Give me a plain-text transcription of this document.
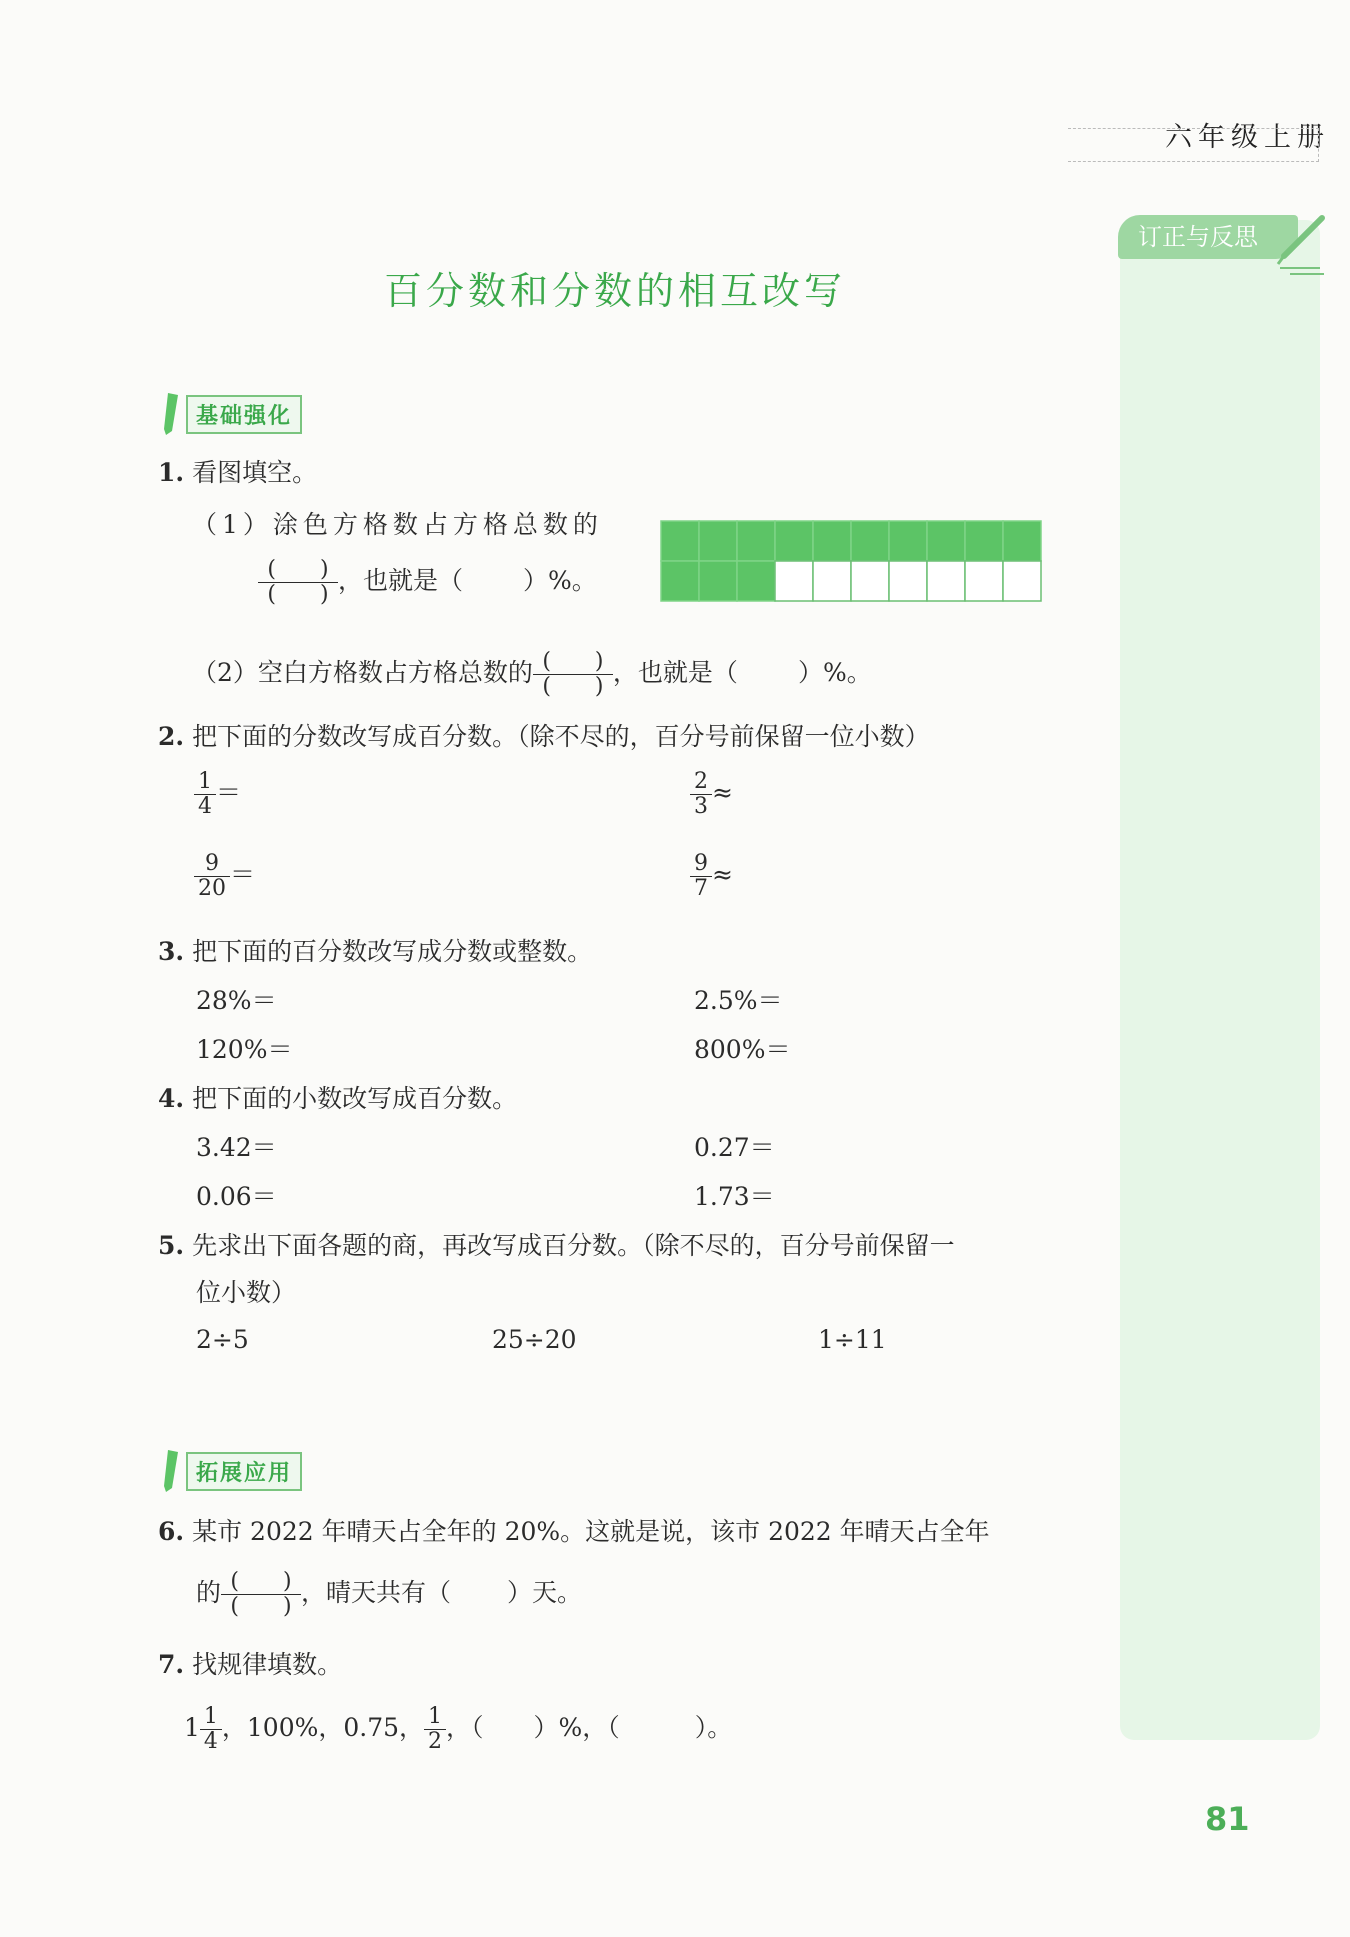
六年级上册
订正与反思
百分数和分数的相互改写
基础强化
1. 看图填空。
（1）涂色方格数占方格总数的
$\frac{( )}{( )}$ ，也就是（ ）%。
（2）空白方格数占方格总数的 $\frac{( )}{( )}$ ，也就是（ ）%。
2. 把下面的分数改写成百分数。（除不尽的，百分号前保留一位小数）
$\frac{1}{4}$ ＝	$\frac{2}{3}$ ≈
$\frac{9}{20}$ ＝	$\frac{9}{7}$ ≈
3. 把下面的百分数改写成分数或整数。
28%＝	2.5%＝
120%＝	800%＝
4. 把下面的小数改写成百分数。
3.42＝	0.27＝
0.06＝	1.73＝
5. 先求出下面各题的商，再改写成百分数。（除不尽的，百分号前保留一
位小数）
2÷5	25÷20	1÷11
拓展应用
6. 某市 2022 年晴天占全年的 20%。这就是说，该市 2022 年晴天占全年
的 $\frac{( )}{( )}$ ，晴天共有（ ）天。
7. 找规律填数。
$1 \frac{1}{4}$ ，100%，0.75， $\frac{1}{2}$ ，（　　）%，（　　　）。
81
